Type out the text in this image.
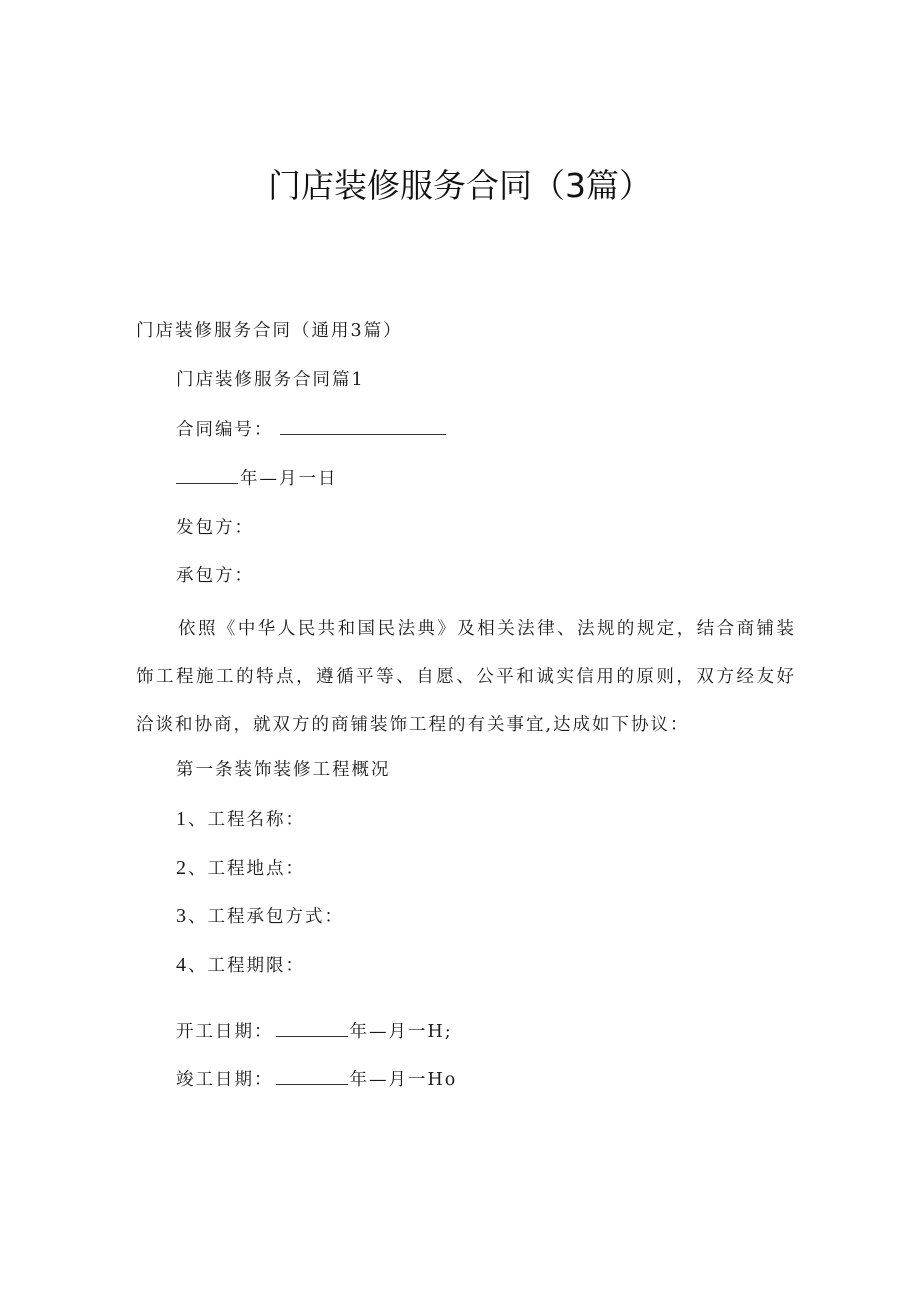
门店装修服务合同（3篇）
门店装修服务合同（通用3篇）
门店装修服务合同篇1
合同编号：
年—月一日
发包方：
承包方：
依照《中华人民共和国民法典》及相关法律、法规的规定，结合商铺装饰工程施工的特点，遵循平等、自愿、公平和诚实信用的原则，双方经友好洽谈和协商，就双方的商铺装饰工程的有关事宜,达成如下协议：
第一条装饰装修工程概况
1、工程名称：
2、工程地点：
3、工程承包方式：
4、工程期限：
开工日期：	年—月一H;
竣工日期：	年—月一Ho
